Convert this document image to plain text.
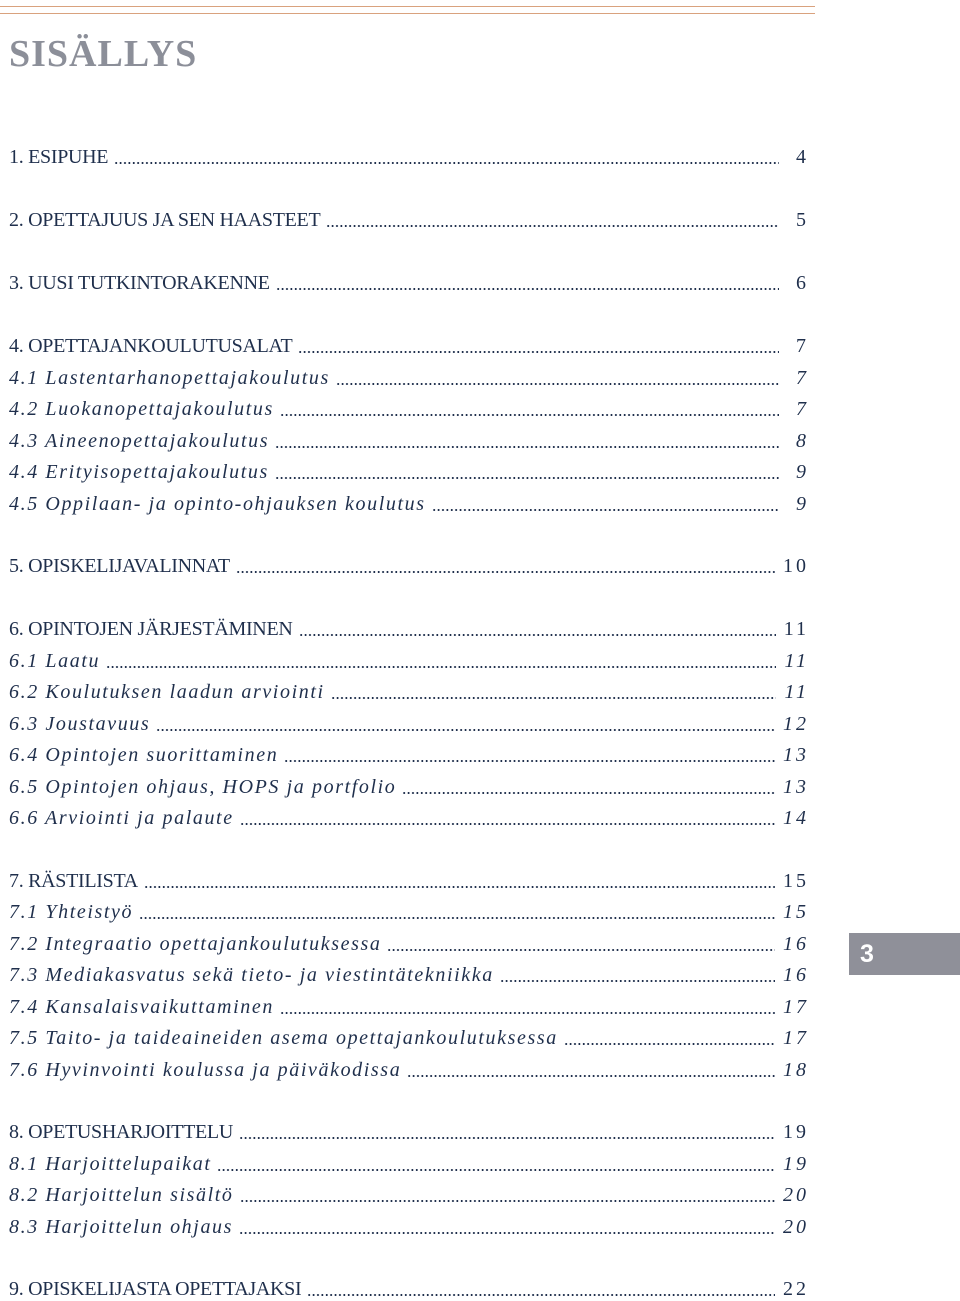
SISÄLLYS
1. ESIPUHE	4
2. OPETTAJUUS JA SEN HAASTEET	5
3. UUSI TUTKINTORAKENNE	6
4. OPETTAJANKOULUTUSALAT	7
4.1 Lastentarhanopettajakoulutus	7
4.2 Luokanopettajakoulutus	7
4.3 Aineenopettajakoulutus	8
4.4 Erityisopettajakoulutus	9
4.5 Oppilaan- ja opinto-ohjauksen koulutus	9
5. OPISKELIJAVALINNAT	10
6. OPINTOJEN JÄRJESTÄMINEN	11
6.1 Laatu	11
6.2 Koulutuksen laadun arviointi	11
6.3 Joustavuus	12
6.4 Opintojen suorittaminen	13
6.5 Opintojen ohjaus, HOPS ja portfolio	13
6.6 Arviointi ja palaute	14
7. RÄSTILISTA	15
7.1 Yhteistyö	15
7.2 Integraatio opettajankoulutuksessa	16
7.3 Mediakasvatus sekä tieto- ja viestintätekniikka	16
7.4 Kansalaisvaikuttaminen	17
7.5 Taito- ja taideaineiden asema opettajankoulutuksessa	17
7.6 Hyvinvointi koulussa ja päiväkodissa	18
8. OPETUSHARJOITTELU	19
8.1 Harjoittelupaikat	19
8.2 Harjoittelun sisältö	20
8.3 Harjoittelun ohjaus	20
9. OPISKELIJASTA OPETTAJAKSI	22
3
